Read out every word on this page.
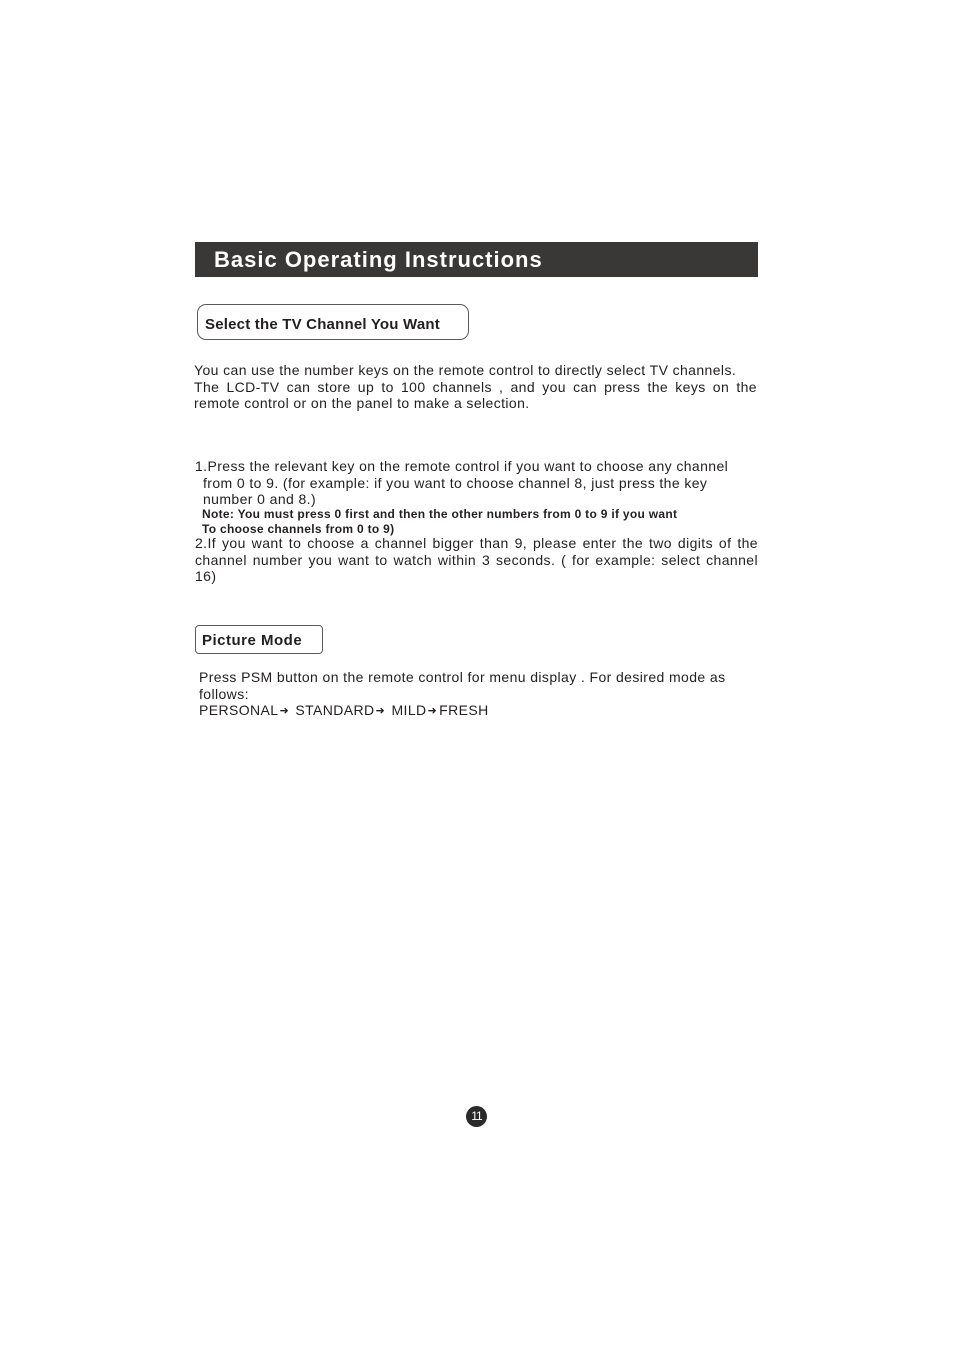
Basic Operating Instructions
Select the TV Channel You Want

You can use the number keys on the remote control to directly select TV channels.

The LCD-TV can store up to 100 channels , and you can press the keys on the remote control or on the panel to make a selection.

1.Press the relevant key on the remote control if you want to choose any channel
from 0 to 9. (for example: if you want to choose channel 8, just press the key
number 0 and 8.)

Note: You must press 0 first and then the other numbers from 0 to 9 if you want

To choose channels from 0 to 9)

2.If you want to choose a channel bigger than 9, please enter the two digits of the channel number you want to watch within 3 seconds. ( for example: select channel 16)
Picture Mode

Press PSM button on the remote control for menu display . For desired mode as follows:

PERSONAL➜ STANDARD➜ MILD➜ FRESH

11
